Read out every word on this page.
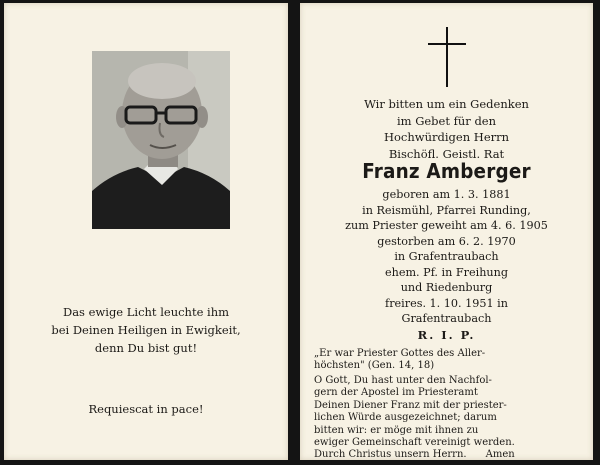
Das ewige Licht leuchte ihm
bei Deinen Heiligen in Ewigkeit,
denn Du bist gut!
Requiescat in pace!
Wir bitten um ein Gedenken
im Gebet für den
Hochwürdigen Herrn
Bischöfl. Geistl. Rat
Franz Amberger
geboren am 1. 3. 1881
in Reismühl, Pfarrei Runding,
zum Priester geweiht am 4. 6. 1905
gestorben am 6. 2. 1970
in Grafentraubach
ehem. Pf. in Freihung
und Riedenburg
freires. 1. 10. 1951 in
Grafentraubach
R. I. P.
„Er war Priester Gottes des Aller-
höchsten" (Gen. 14, 18)
O Gott, Du hast unter den Nachfol-
gern der Apostel im Priesteramt
Deinen Diener Franz mit der priester-
lichen Würde ausgezeichnet; darum
bitten wir: er möge mit ihnen zu
ewiger Gemeinschaft vereinigt werden.
Durch Christus unsern Herrn.      Amen
